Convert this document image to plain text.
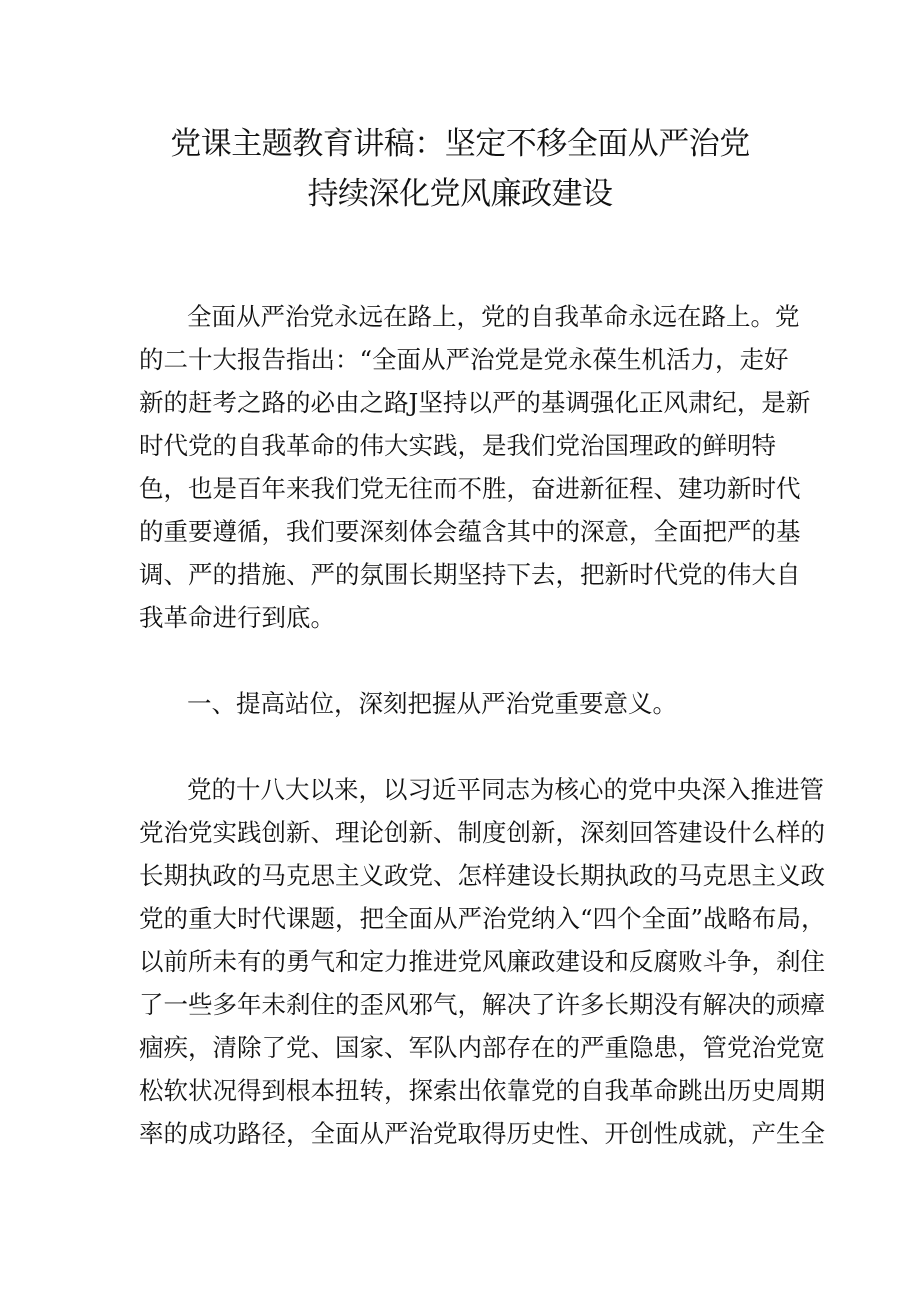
党课主题教育讲稿：坚定不移全面从严治党
持续深化党风廉政建设
全面从严治党永远在路上，党的自我革命永远在路上。党
的二十大报告指出：“全面从严治党是党永葆生机活力，走好
新的赶考之路的必由之路J坚持以严的基调强化正风肃纪，是新
时代党的自我革命的伟大实践，是我们党治国理政的鲜明特
色，也是百年来我们党无往而不胜，奋进新征程、建功新时代
的重要遵循，我们要深刻体会蕴含其中的深意，全面把严的基
调、严的措施、严的氛围长期坚持下去，把新时代党的伟大自
我革命进行到底。
一、提高站位，深刻把握从严治党重要意义。
党的十八大以来，以习近平同志为核心的党中央深入推进管
党治党实践创新、理论创新、制度创新，深刻回答建设什么样的
长期执政的马克思主义政党、怎样建设长期执政的马克思主义政
党的重大时代课题，把全面从严治党纳入“四个全面”战略布局，
以前所未有的勇气和定力推进党风廉政建设和反腐败斗争，刹住
了一些多年未刹住的歪风邪气，解决了许多长期没有解决的顽瘴
痼疾，清除了党、国家、军队内部存在的严重隐患，管党治党宽
松软状况得到根本扭转，探索出依靠党的自我革命跳出历史周期
率的成功路径，全面从严治党取得历史性、开创性成就，产生全
